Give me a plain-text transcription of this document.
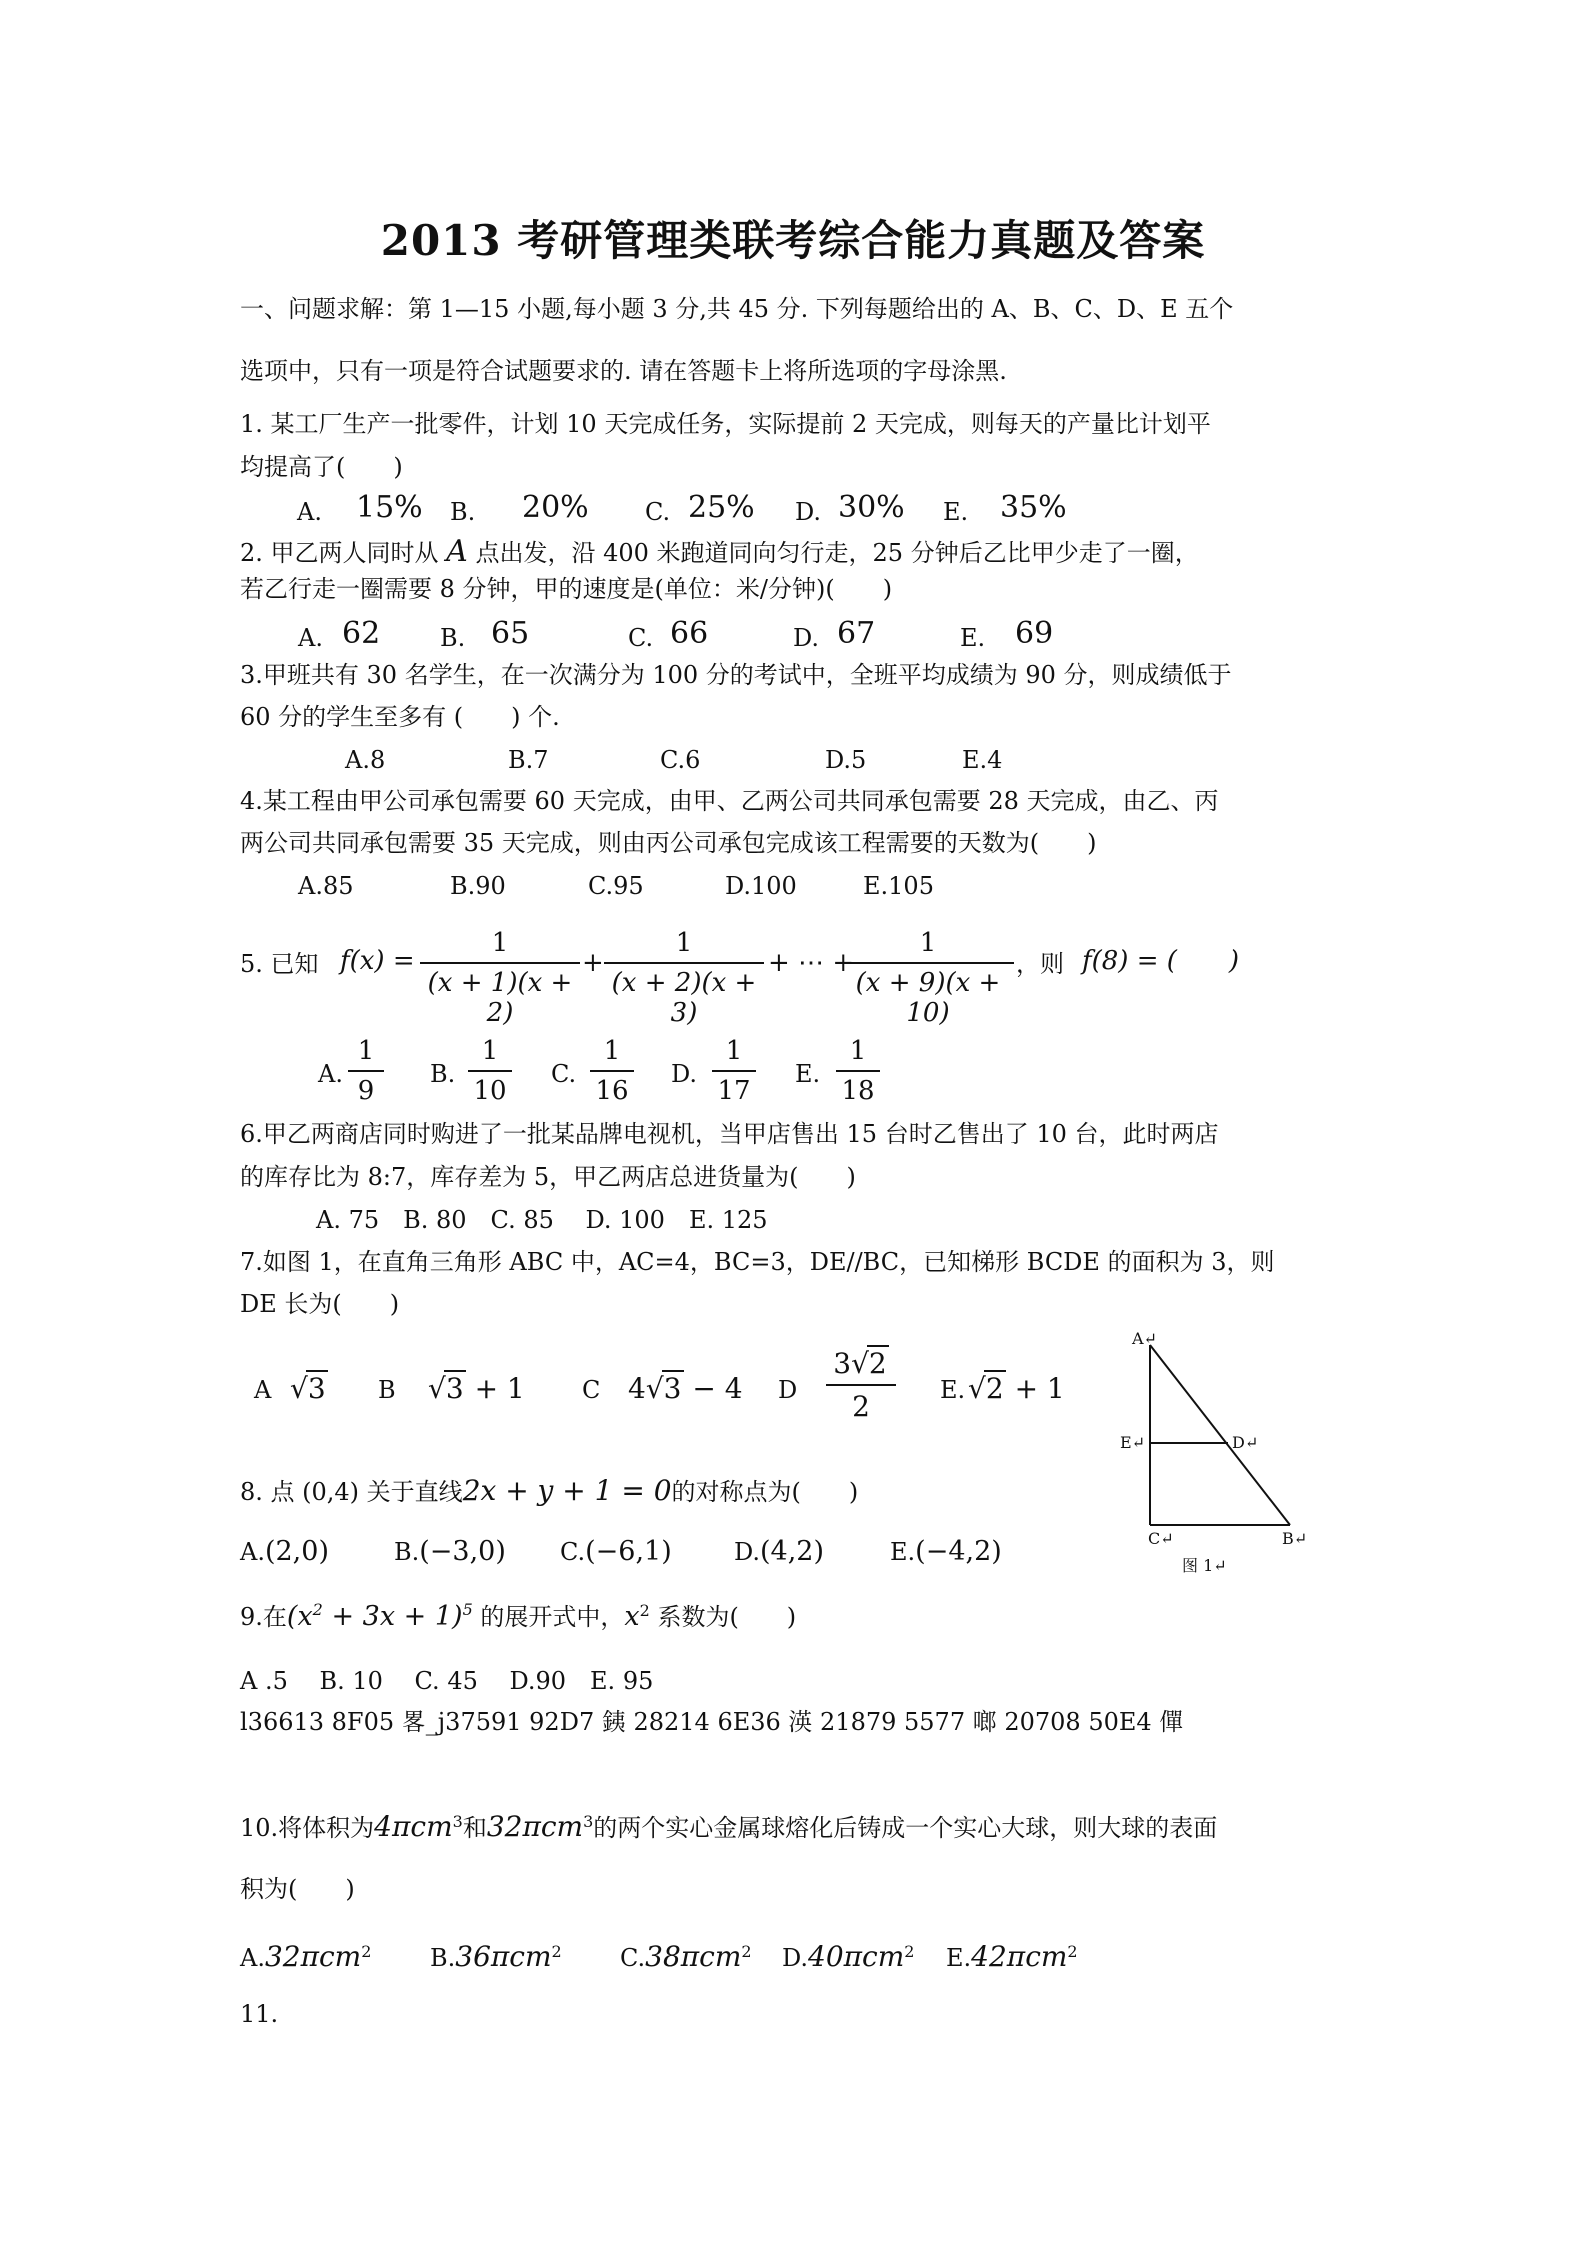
2013 考研管理类联考综合能力真题及答案
一、问题求解：第 1—15 小题,每小题 3 分,共 45 分. 下列每题给出的 A、B、C、D、E 五个
选项中，只有一项是符合试题要求的. 请在答题卡上将所选项的字母涂黑.
1. 某工厂生产一批零件，计划 10 天完成任务，实际提前 2 天完成，则每天的产量比计划平
均提高了(　　)
A. 15% B. 20% C. 25% D. 30% E. 35%
2. 甲乙两人同时从 A 点出发，沿 400 米跑道同向匀行走，25 分钟后乙比甲少走了一圈，
若乙行走一圈需要 8 分钟，甲的速度是(单位：米/分钟)(　　)
A. 62 B. 65	C. 66	D. 67	E. 69
3.甲班共有 30 名学生，在一次满分为 100 分的考试中，全班平均成绩为 90 分，则成绩低于
60 分的学生至多有 (　　) 个.
A.8	B.7	C.6	D.5	E.4
4.某工程由甲公司承包需要 60 天完成，由甲、乙两公司共同承包需要 28 天完成，由乙、丙
两公司共同承包需要 35 天完成，则由丙公司承包完成该工程需要的天数为(　　)
A.85	B.90	C.95	D.100	E.105
5. 已知 f(x) =
1
(x + 1)(x + 2)
+
1
(x + 2)(x + 3)
+ ⋯ +
1
(x + 9)(x + 10)
，则 f(8) = (　　)
A.
1
9
B.
1
10
C.
1
16
D.
1
17
E.
1
18
6.甲乙两商店同时购进了一批某品牌电视机，当甲店售出 15 台时乙售出了 10 台，此时两店
的库存比为 8:7，库存差为 5，甲乙两店总进货量为(　　)
A. 75　B. 80　C. 85　 D. 100　E. 125
7.如图 1，在直角三角形 ABC 中，AC=4，BC=3，DE//BC，已知梯形 BCDE 的面积为 3，则
DE 长为(　　)
A √3 B √3 + 1 C 4√3 − 4 D
3√2
2	E. √2 + 1
A↵
E↵	D↵
C↵	B↵
图 1↵
8. 点 (0,4) 关于直线2x + y + 1 = 0的对称点为(　　)
A.(2,0)	B.(−3,0) C.(−6,1)	D.(4,2)	E.(−4,2)
9.在$(x^2 + 3x + 1)^5$ 的展开式中，$x^2$ 系数为(　　)
A .5　 B. 10　 C. 45　 D.90　E. 95
l36613 8F05 畧_j37591 92D7 銕 28214 6E36 渶 21879 5577 啷 20708 50E4 僤
10.将体积为4πcm$^3$和32πcm$^3$的两个实心金属球熔化后铸成一个实心大球，则大球的表面
积为(　　)
A.32πcm$^2$ B.36πcm$^2$ C.38πcm$^2$ D.40πcm$^2$ E.42πcm$^2$
11.
